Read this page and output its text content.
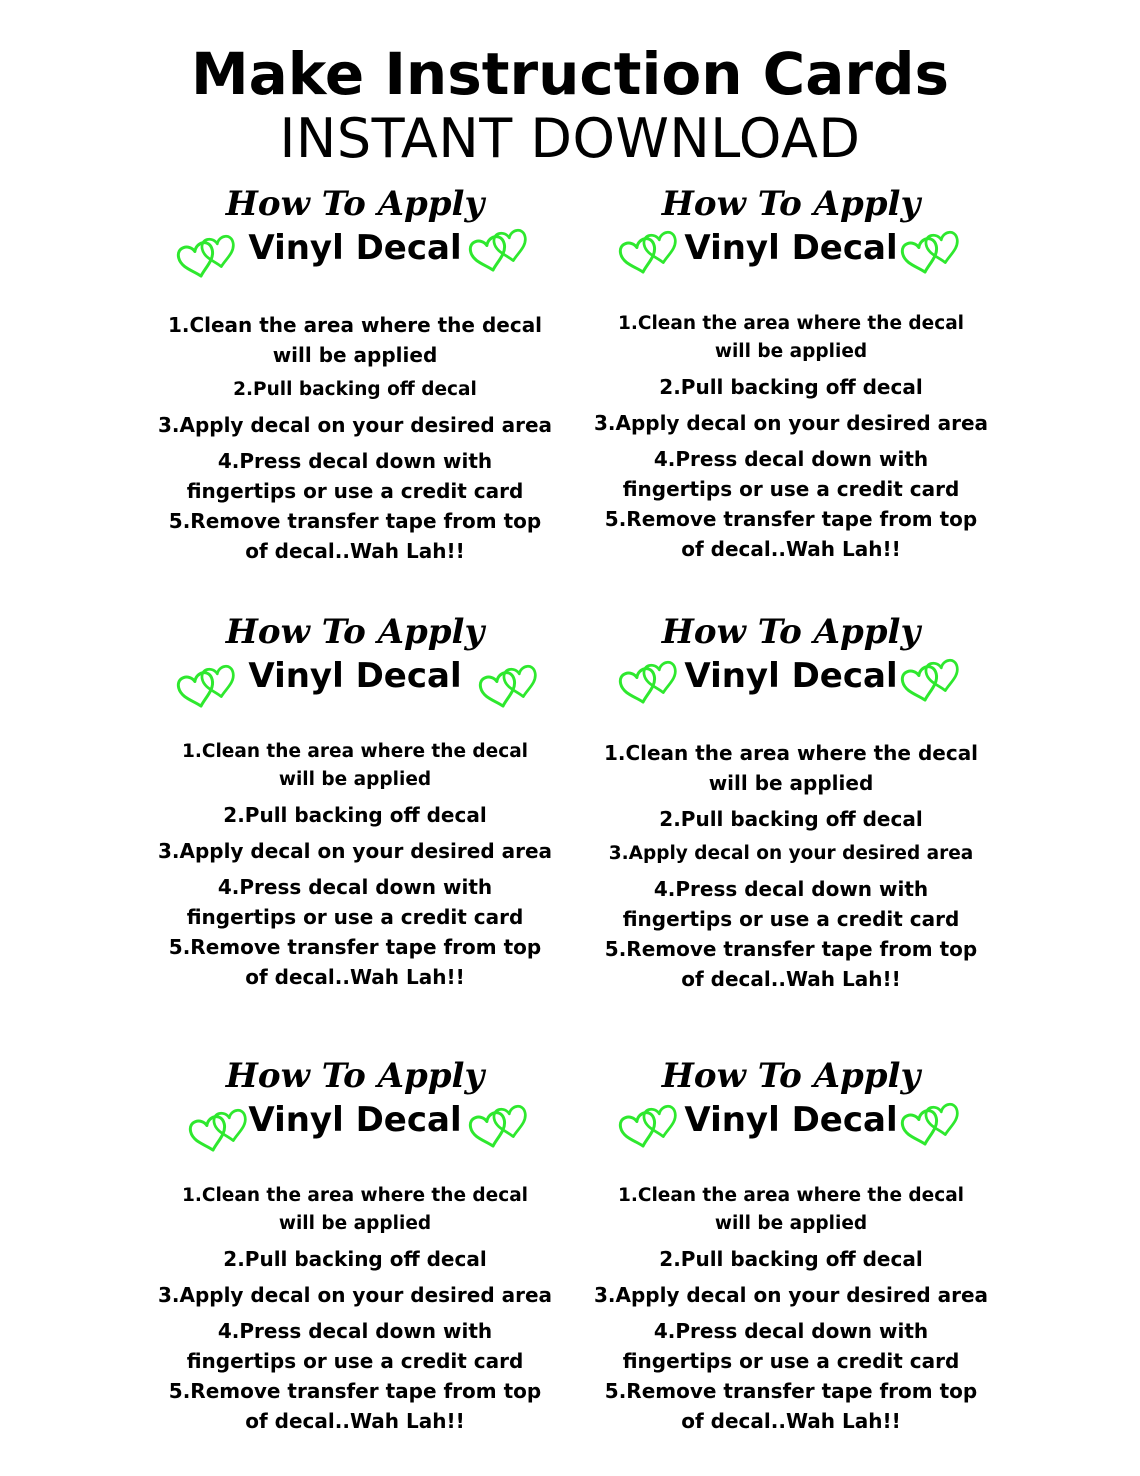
Make Instruction Cards
INSTANT DOWNLOAD
How To Apply
Vinyl Decal
1.Clean the area where the decal will be applied
2.Pull backing off decal
3.Apply decal on your desired area
4.Press decal down with fingertips or use a credit card
5.Remove transfer tape from top of decal..Wah Lah!!
How To Apply
Vinyl Decal
1.Clean the area where the decal will be applied
2.Pull backing off decal
3.Apply decal on your desired area
4.Press decal down with fingertips or use a credit card
5.Remove transfer tape from top of decal..Wah Lah!!
How To Apply
Vinyl Decal
1.Clean the area where the decal will be applied
2.Pull backing off decal
3.Apply decal on your desired area
4.Press decal down with fingertips or use a credit card
5.Remove transfer tape from top of decal..Wah Lah!!
How To Apply
Vinyl Decal
1.Clean the area where the decal will be applied
2.Pull backing off decal
3.Apply decal on your desired area
4.Press decal down with fingertips or use a credit card
5.Remove transfer tape from top of decal..Wah Lah!!
How To Apply
Vinyl Decal
1.Clean the area where the decal will be applied
2.Pull backing off decal
3.Apply decal on your desired area
4.Press decal down with fingertips or use a credit card
5.Remove transfer tape from top of decal..Wah Lah!!
How To Apply
Vinyl Decal
1.Clean the area where the decal will be applied
2.Pull backing off decal
3.Apply decal on your desired area
4.Press decal down with fingertips or use a credit card
5.Remove transfer tape from top of decal..Wah Lah!!
